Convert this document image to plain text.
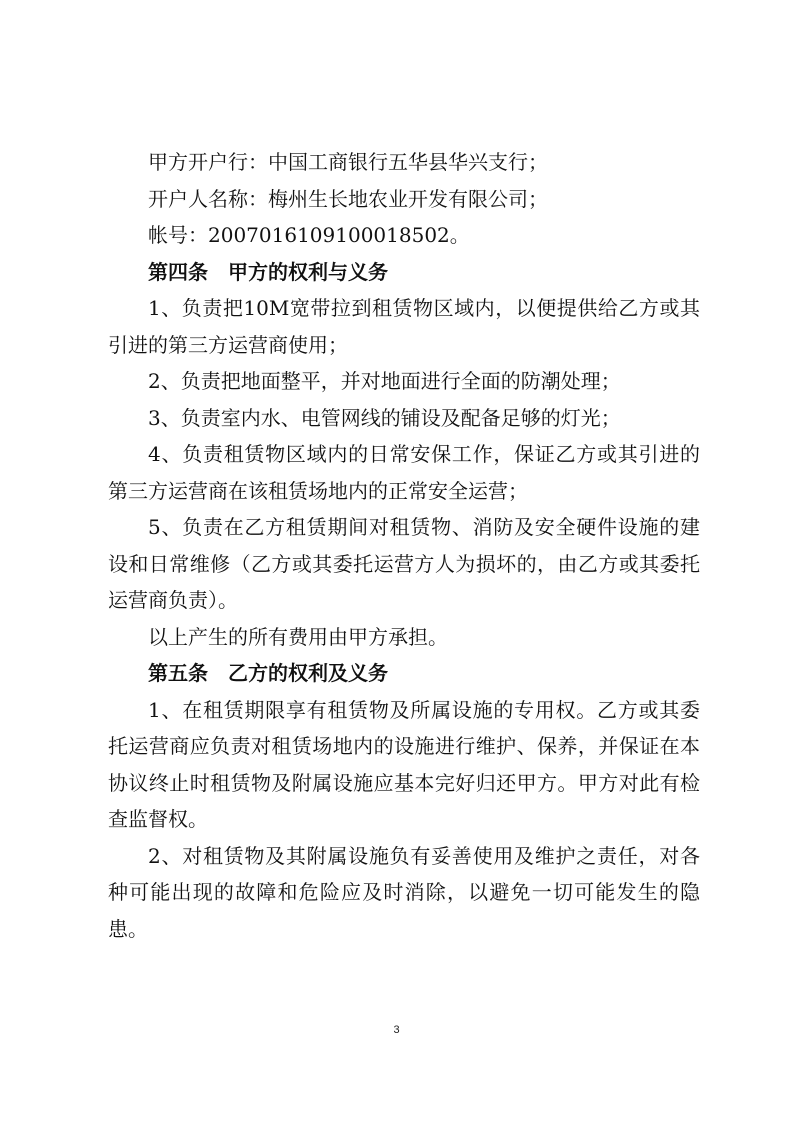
甲方开户行：中国工商银行五华县华兴支行；

开户人名称：梅州生长地农业开发有限公司；

帐号：2007016109100018502。

第四条　甲方的权利与义务

1、负责把10M宽带拉到租赁物区域内，以便提供给乙方或其引进的第三方运营商使用；

2、负责把地面整平，并对地面进行全面的防潮处理；

3、负责室内水、电管网线的铺设及配备足够的灯光；

4、负责租赁物区域内的日常安保工作，保证乙方或其引进的第三方运营商在该租赁场地内的正常安全运营；

5、负责在乙方租赁期间对租赁物、消防及安全硬件设施的建设和日常维修（乙方或其委托运营方人为损坏的，由乙方或其委托运营商负责）。

以上产生的所有费用由甲方承担。

第五条　乙方的权利及义务

1、在租赁期限享有租赁物及所属设施的专用权。乙方或其委托运营商应负责对租赁场地内的设施进行维护、保养，并保证在本协议终止时租赁物及附属设施应基本完好归还甲方。甲方对此有检查监督权。

2、对租赁物及其附属设施负有妥善使用及维护之责任，对各种可能出现的故障和危险应及时消除，以避免一切可能发生的隐患。

3
